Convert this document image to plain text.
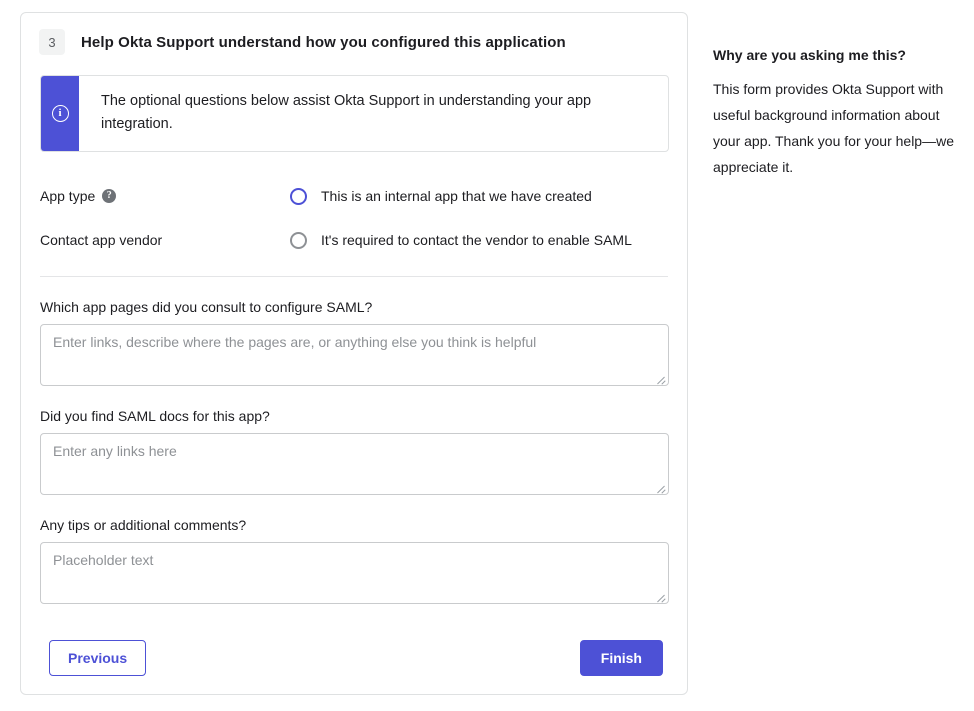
3	Help Okta Support understand how you configured this application
i
The optional questions below assist Okta Support in understanding your app integration.
App type	?	This is an internal app that we have created
Contact app vendor	It's required to contact the vendor to enable SAML
Which app pages did you consult to configure SAML?
Enter links, describe where the pages are, or anything else you think is helpful
Did you find SAML docs for this app?
Enter any links here
Any tips or additional comments?
Placeholder text
Previous	Finish
Why are you asking me this?
This form provides Okta Support with useful background information about your app. Thank you for your help—we appreciate it.
